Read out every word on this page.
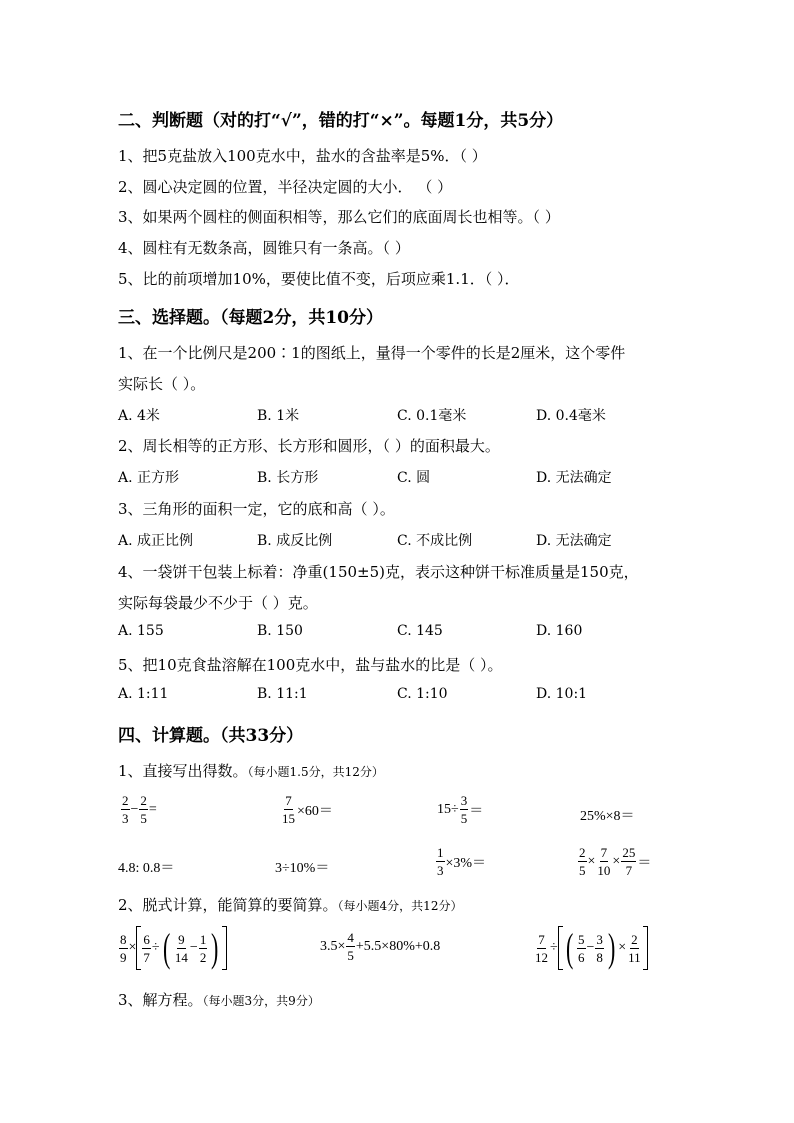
二、判断题（对的打“√”，错的打“×”。每题1分，共5分）
1、把5克盐放入100克水中，盐水的含盐率是5%．（ ）
2、圆心决定圆的位置，半径决定圆的大小． （ ）
3、如果两个圆柱的侧面积相等，那么它们的底面周长也相等。（ ）
4、圆柱有无数条高，圆锥只有一条高。（ ）
5、比的前项增加10%，要使比值不变，后项应乘1.1．（ ）．
三、选择题。（每题2分，共10分）
1、在一个比例尺是200∶1的图纸上，量得一个零件的长是2厘米，这个零件
实际长（ ）。
A. 4米	B. 1米	C. 0.1毫米	D. 0.4毫米
2、周长相等的正方形、长方形和圆形，（ ）的面积最大。
A. 正方形	B. 长方形	C. 圆	D. 无法确定
3、三角形的面积一定，它的底和高（ ）。
A. 成正比例	B. 成反比例	C. 不成比例	D. 无法确定
4、一袋饼干包装上标着：净重(150±5)克，表示这种饼干标准质量是150克，
实际每袋最少不少于（ ）克。
A. 155	B. 150	C. 145	D. 160
5、把10克食盐溶解在100克水中，盐与盐水的比是（ ）。
A. 1:11	B. 11:1	C. 1:10	D. 10:1
四、计算题。（共33分）
1、直接写出得数。（每小题1.5分，共12分）
$\frac{2}{3} - \frac{2}{5}$ =	$\frac{7}{15} \times 60=$	$15\div \frac{3}{5}$ ＝	25%×8＝
4.8: 0.8＝	3÷10%＝	$\frac{1}{3} \times 3\%=$	$\frac{2}{5} \times \frac{7}{10} \times \frac{25}{7}$ ＝
2、脱式计算，能简算的要简算。（每小题4分，共12分）
$\frac{8}{9} \times \frac{6}{7}$ ÷ ( $\frac{9}{14} - \frac{1}{2}$ )	$3.5\times \frac{4}{5} +5.5\times 80\%+0.8$	$\frac{7}{12}$ ÷ ( $\frac{5}{6} - \frac{3}{8}$ ) × $\frac{2}{11}$
3、解方程。（每小题3分，共9分）
